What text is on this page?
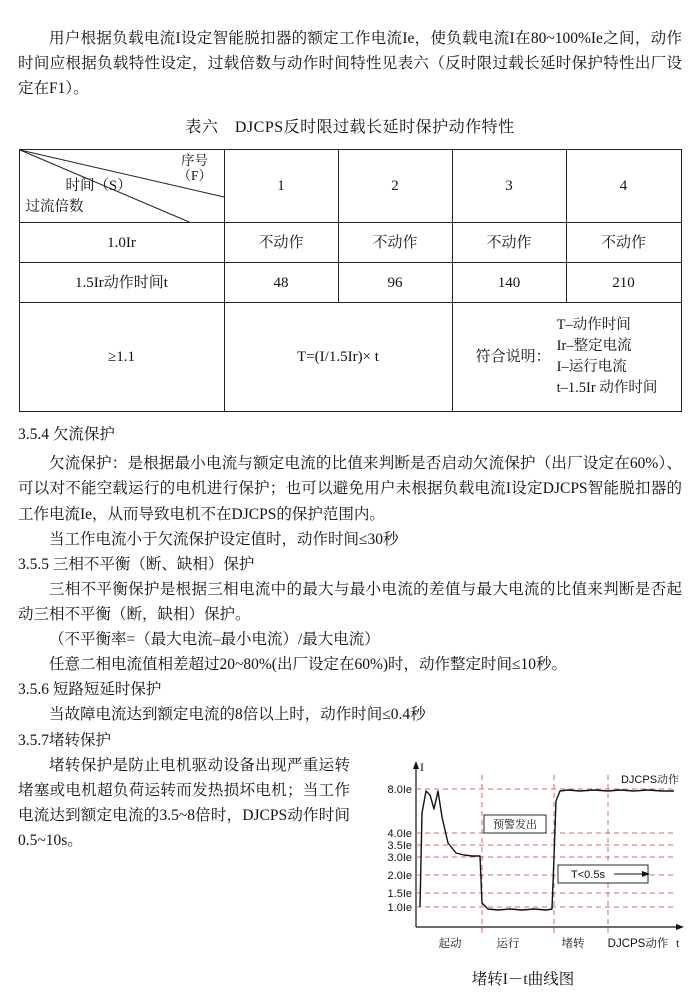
用户根据负载电流I设定智能脱扣器的额定工作电流Ie，使负载电流I在80~100%Ie之间，动作时间应根据负载特性设定，过载倍数与动作时间特性见表六（反时限过载长延时保护特性出厂设定在F1）。

表六　DJCPS反时限过载长延时保护动作特性
序号
（F）
时间（S）
过流倍数	1	2	3	4
1.0Ir	不动作	不动作	不动作	不动作
1.5Ir动作时间t	48	96	140	210
≥1.1	T=(I/1.5Ir)× t		符合说明：
T–动作时间
Ir–整定电流
I–运行电流
t–1.5Ir 动作时间	
3.5.4 欠流保护

欠流保护：是根据最小电流与额定电流的比值来判断是否启动欠流保护（出厂设定在60%）、可以对不能空载运行的电机进行保护；也可以避免用户未根据负载电流I设定DJCPS智能脱扣器的工作电流Ie，从而导致电机不在DJCPS的保护范围内。

当工作电流小于欠流保护设定值时，动作时间≤30秒

3.5.5 三相不平衡（断、缺相）保护

三相不平衡保护是根据三相电流中的最大与最小电流的差值与最大电流的比值来判断是否起动三相不平衡（断，缺相）保护。

（不平衡率=（最大电流–最小电流）/最大电流）

任意二相电流值相差超过20~80%(出厂设定在60%)时，动作整定时间≤10秒。

3.5.6 短路短延时保护

当故障电流达到额定电流的8倍以上时，动作时间≤0.4秒

3.5.7堵转保护
预警发出
T<0.5s
DJCPS动作
I
t
8.0Ie
4.0Ie
3.5Ie
3.0Ie
2.0Ie
1.5Ie
1.0Ie
起动	运行	堵转 DJCPS动作
堵转I－t曲线图

堵转保护是防止电机驱动设备出现严重运转堵塞或电机超负荷运转而发热损坏电机；当工作电流达到额定电流的3.5~8倍时，DJCPS动作时间0.5~10s。
